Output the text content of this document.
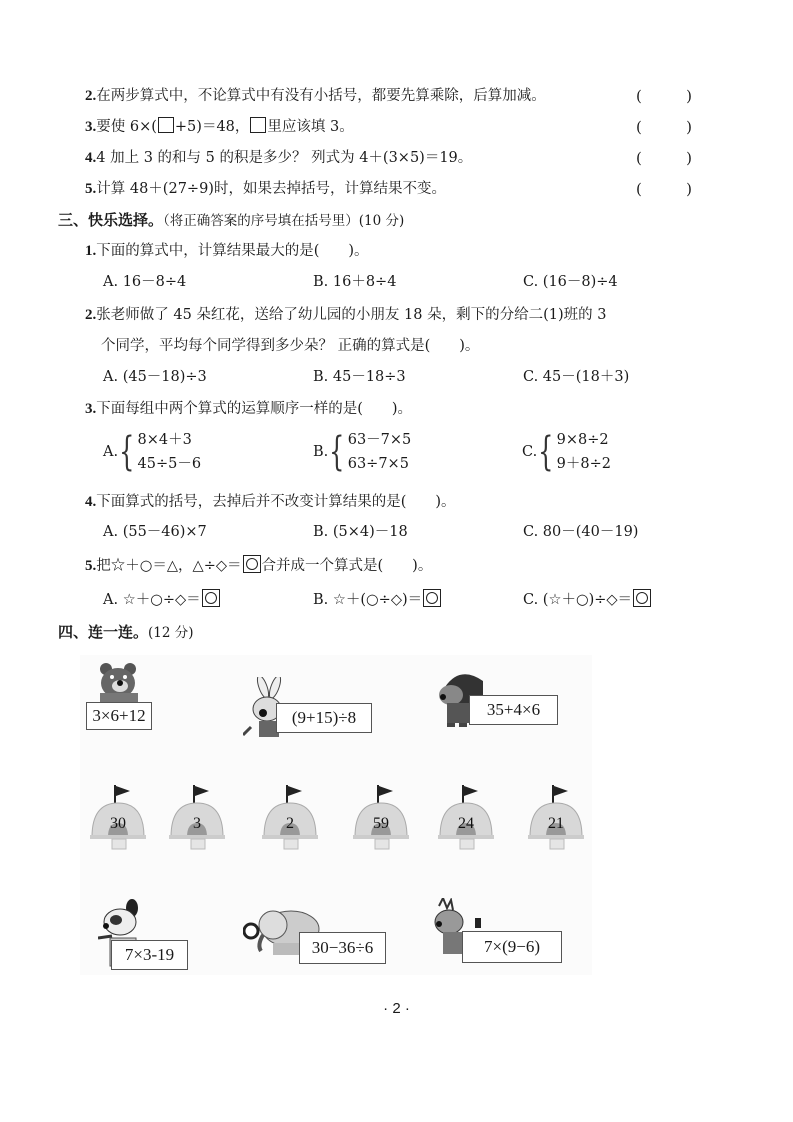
2.在两步算式中，不论算式中有没有小括号，都要先算乘除，后算加减。	(	)
3.要使 6×( +5)＝48， 里应该填 3。	(	)
4.4 加上 3 的和与 5 的积是多少？ 列式为 4＋(3×5)＝19。	(	)
5.计算 48＋(27÷9)时，如果去掉括号，计算结果不变。	(	)
三、快乐选择。（将正确答案的序号填在括号里）(10 分)
1.下面的算式中，计算结果最大的是(　　)。
A. 16－8÷4	B. 16＋8÷4	C. (16－8)÷4
2.张老师做了 45 朵红花，送给了幼儿园的小朋友 18 朵，剩下的分给二(1)班的 3
个同学，平均每个同学得到多少朵？ 正确的算式是(　　)。
A. (45－18)÷3	B. 45－18÷3	C. 45－(18＋3)
3.下面每组中两个算式的运算顺序一样的是(　　)。
A. { 8×4＋3
45÷5－6
B. { 63－7×5
63÷7×5
C. { 9×8÷2
9＋8÷2
4.下面算式的括号，去掉后并不改变计算结果的是(　　)。
A. (55－46)×7	B. (5×4)－18	C. 80－(40－19)
5.把☆＋○＝△，△÷◇＝ 合并成一个算式是(　　)。
A. ☆＋○÷◇＝	B. ☆＋(○÷◇)＝	C. (☆＋○)÷◇＝
四、连一连。(12 分)
3×6+12	(9+15)÷8	35+4×6
30	3	2	59	24	21
7×3-19	30−36÷6	7×(9−6)
· 2 ·
